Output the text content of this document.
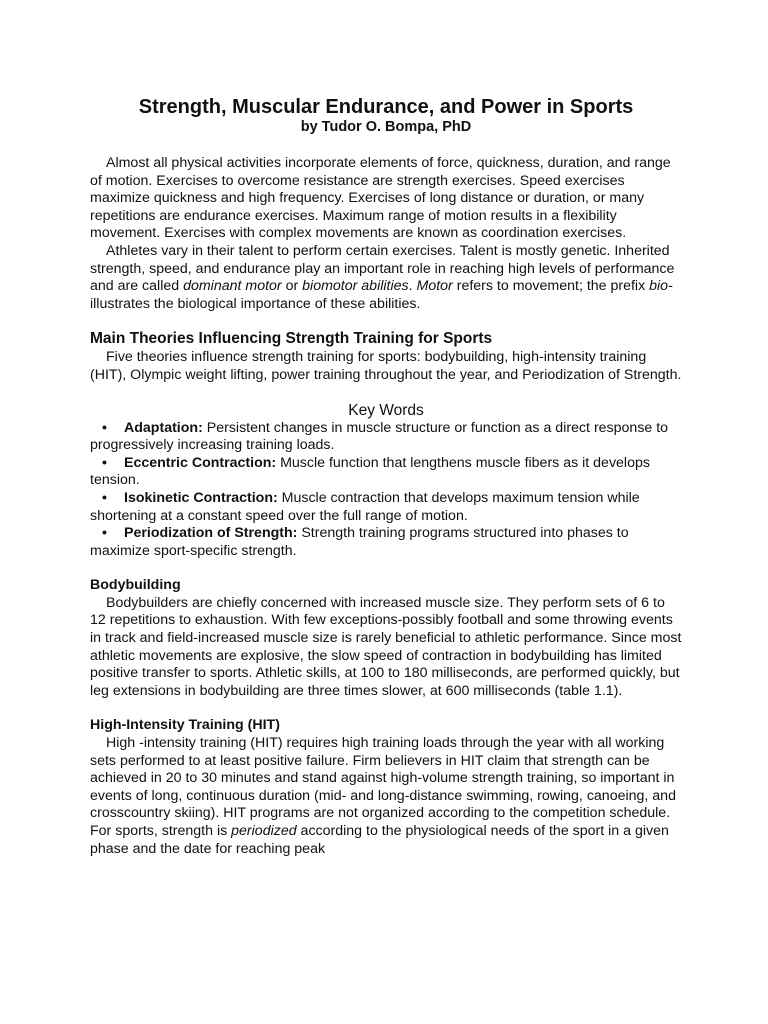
Strength, Muscular Endurance, and Power in Sports
by Tudor O. Bompa, PhD

Almost all physical activities incorporate elements of force, quickness, duration, and range of motion. Exercises to overcome resistance are strength exercises. Speed exercises maximize quickness and high frequency. Exercises of long distance or duration, or many repetitions are endurance exercises. Maximum range of motion results in a flexibility movement. Exercises with complex movements are known as coordination exercises.

Athletes vary in their talent to perform certain exercises. Talent is mostly genetic. Inherited strength, speed, and endurance play an important role in reaching high levels of performance and are called dominant motor or biomotor abilities. Motor refers to movement; the prefix bio- illustrates the biological importance of these abilities.

Main Theories Influencing Strength Training for Sports

Five theories influence strength training for sports: bodybuilding, high-intensity training (HIT), Olympic weight lifting, power training throughout the year, and Periodization of Strength.

Key Words
• Adaptation: Persistent changes in muscle structure or function as a direct response to progressively increasing training loads.
• Eccentric Contraction: Muscle function that lengthens muscle fibers as it develops tension.
• Isokinetic Contraction: Muscle contraction that develops maximum tension while shortening at a constant speed over the full range of motion.
• Periodization of Strength: Strength training programs structured into phases to maximize sport-specific strength.
Bodybuilding

Bodybuilders are chiefly concerned with increased muscle size. They perform sets of 6 to 12 repetitions to exhaustion. With few exceptions-possibly football and some throwing events in track and field-increased muscle size is rarely beneficial to athletic performance. Since most athletic movements are explosive, the slow speed of contraction in bodybuilding has limited positive transfer to sports. Athletic skills, at 100 to 180 milliseconds, are performed quickly, but leg extensions in bodybuilding are three times slower, at 600 milliseconds (table 1.1).

High-Intensity Training (HIT)

High -intensity training (HIT) requires high training loads through the year with all working sets performed to at least positive failure. Firm believers in HIT claim that strength can be achieved in 20 to 30 minutes and stand against high-volume strength training, so important in events of long, continuous duration (mid- and long-distance swimming, rowing, canoeing, and crosscountry skiing). HIT programs are not organized according to the competition schedule. For sports, strength is periodized according to the physiological needs of the sport in a given phase and the date for reaching peak
